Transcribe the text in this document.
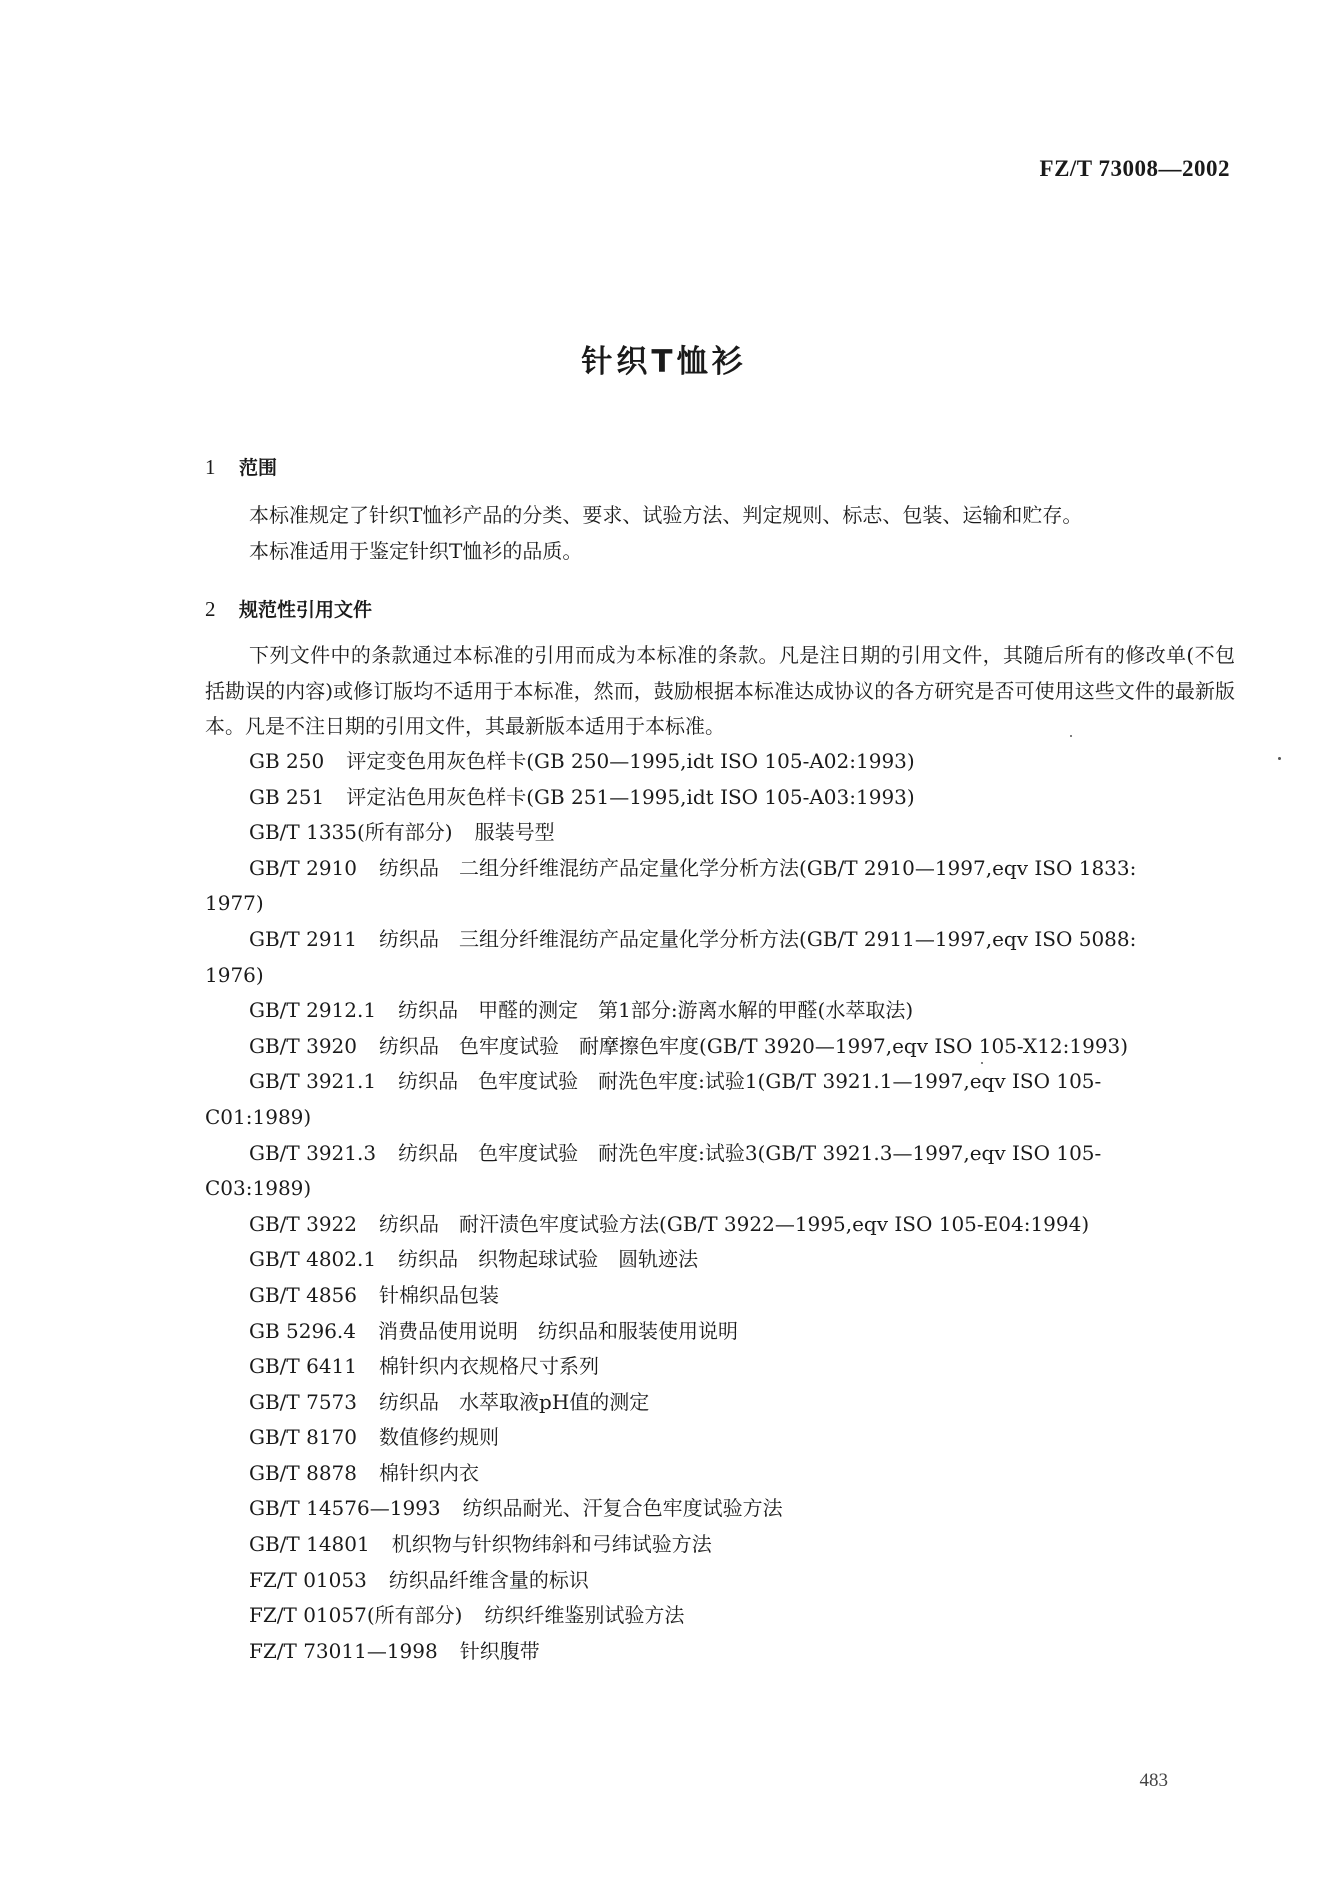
FZ/T 73008—2002
针织T恤衫
1 范围
本标准规定了针织T恤衫产品的分类、要求、试验方法、判定规则、标志、包装、运输和贮存。
本标准适用于鉴定针织T恤衫的品质。
2 规范性引用文件
下列文件中的条款通过本标准的引用而成为本标准的条款。凡是注日期的引用文件，其随后所有的修改单(不包括勘误的内容)或修订版均不适用于本标准，然而，鼓励根据本标准达成协议的各方研究是否可使用这些文件的最新版本。凡是不注日期的引用文件，其最新版本适用于本标准。
GB 250 评定变色用灰色样卡(GB 250—1995,idt ISO 105-A02:1993)
GB 251 评定沾色用灰色样卡(GB 251—1995,idt ISO 105-A03:1993)
GB/T 1335(所有部分) 服装号型
GB/T 2910 纺织品　二组分纤维混纺产品定量化学分析方法(GB/T 2910—1997,eqv ISO 1833:
1977)
GB/T 2911 纺织品　三组分纤维混纺产品定量化学分析方法(GB/T 2911—1997,eqv ISO 5088:
1976)
GB/T 2912.1 纺织品　甲醛的测定　第1部分:游离水解的甲醛(水萃取法)
GB/T 3920 纺织品　色牢度试验　耐摩擦色牢度(GB/T 3920—1997,eqv ISO 105-X12:1993)
GB/T 3921.1 纺织品　色牢度试验　耐洗色牢度:试验1(GB/T 3921.1—1997,eqv ISO 105-
C01:1989)
GB/T 3921.3 纺织品　色牢度试验　耐洗色牢度:试验3(GB/T 3921.3—1997,eqv ISO 105-
C03:1989)
GB/T 3922 纺织品　耐汗渍色牢度试验方法(GB/T 3922—1995,eqv ISO 105-E04:1994)
GB/T 4802.1 纺织品　织物起球试验　圆轨迹法
GB/T 4856 针棉织品包装
GB 5296.4 消费品使用说明　纺织品和服装使用说明
GB/T 6411 棉针织内衣规格尺寸系列
GB/T 7573 纺织品　水萃取液pH值的测定
GB/T 8170 数值修约规则
GB/T 8878 棉针织内衣
GB/T 14576—1993 纺织品耐光、汗复合色牢度试验方法
GB/T 14801 机织物与针织物纬斜和弓纬试验方法
FZ/T 01053 纺织品纤维含量的标识
FZ/T 01057(所有部分) 纺织纤维鉴别试验方法
FZ/T 73011—1998 针织腹带
483
